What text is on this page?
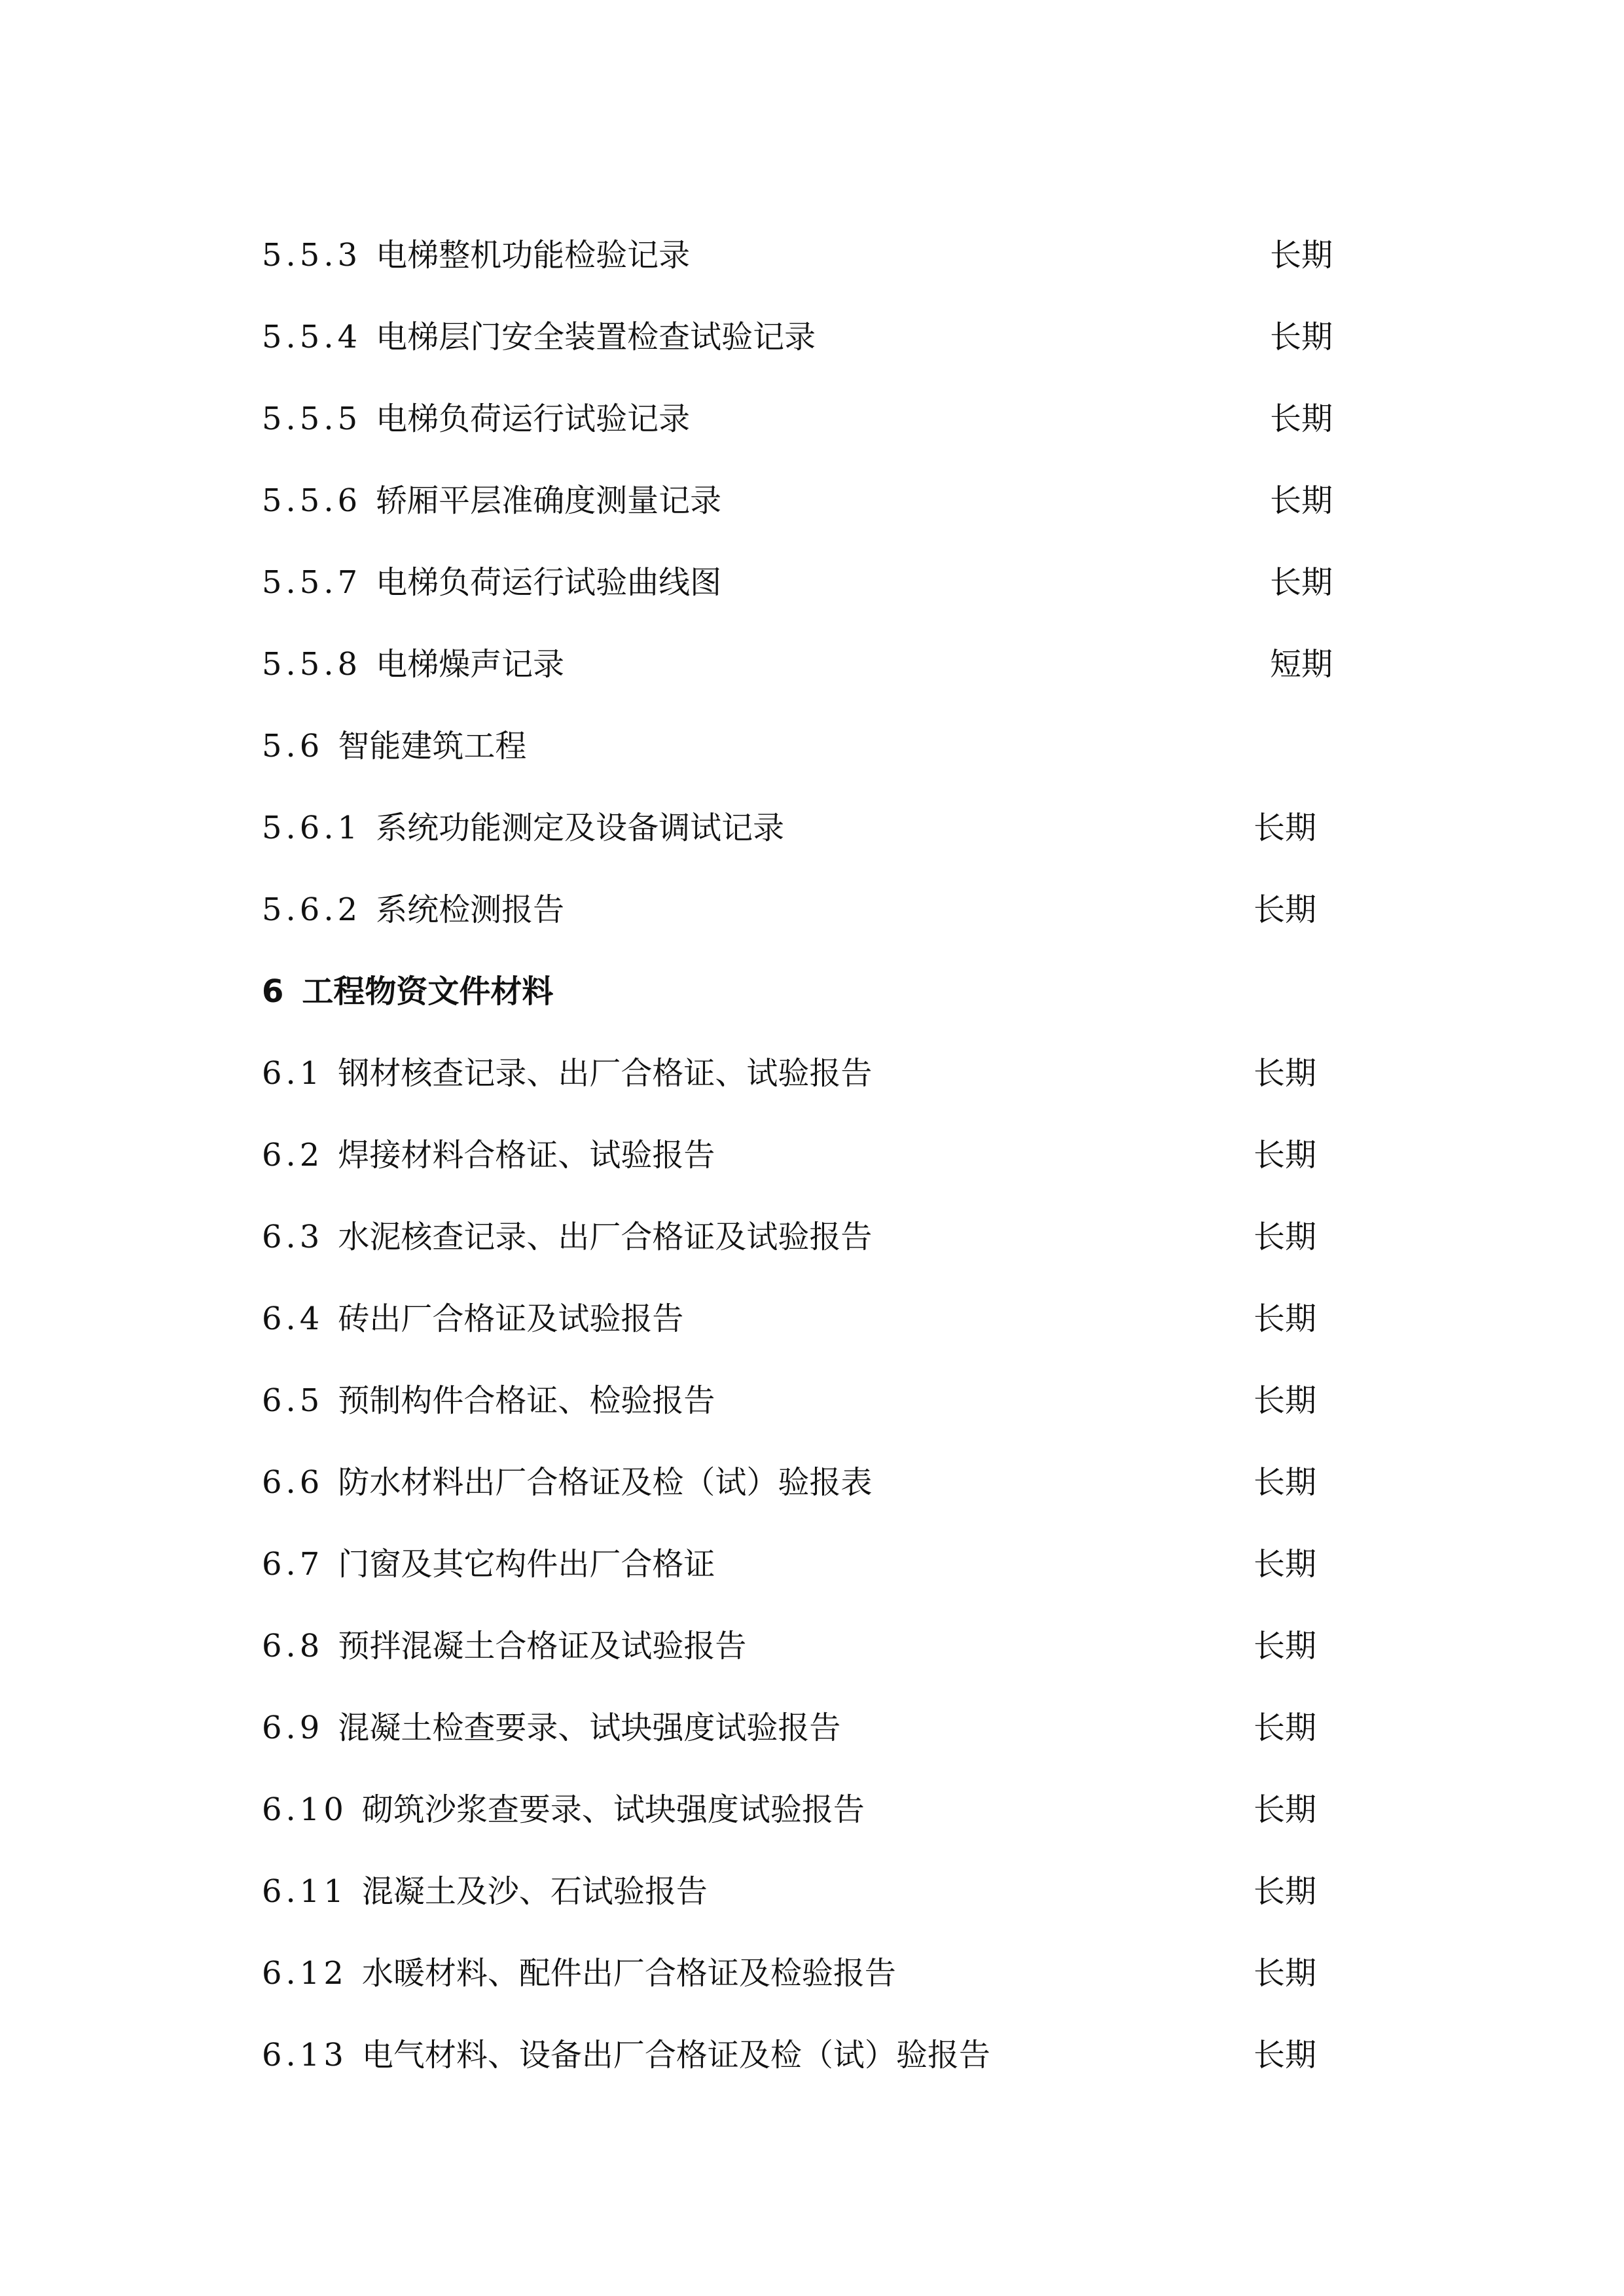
5.5.3 电梯整机功能检验记录	长期
5.5.4 电梯层门安全装置检查试验记录	长期
5.5.5 电梯负荷运行试验记录	长期
5.5.6 轿厢平层准确度测量记录	长期
5.5.7 电梯负荷运行试验曲线图	长期
5.5.8 电梯燥声记录	短期
5.6 智能建筑工程
5.6.1 系统功能测定及设备调试记录	长期
5.6.2 系统检测报告	长期
6 工程物资文件材料
6.1 钢材核查记录、出厂合格证、试验报告	长期
6.2 焊接材料合格证、试验报告	长期
6.3 水泥核查记录、出厂合格证及试验报告	长期
6.4 砖出厂合格证及试验报告	长期
6.5 预制构件合格证、检验报告	长期
6.6 防水材料出厂合格证及检（试）验报表	长期
6.7 门窗及其它构件出厂合格证	长期
6.8 预拌混凝土合格证及试验报告	长期
6.9 混凝土检查要录、试块强度试验报告	长期
6.10 砌筑沙浆查要录、试块强度试验报告	长期
6.11 混凝土及沙、石试验报告	长期
6.12 水暖材料、配件出厂合格证及检验报告	长期
6.13 电气材料、设备出厂合格证及检（试）验报告	长期
